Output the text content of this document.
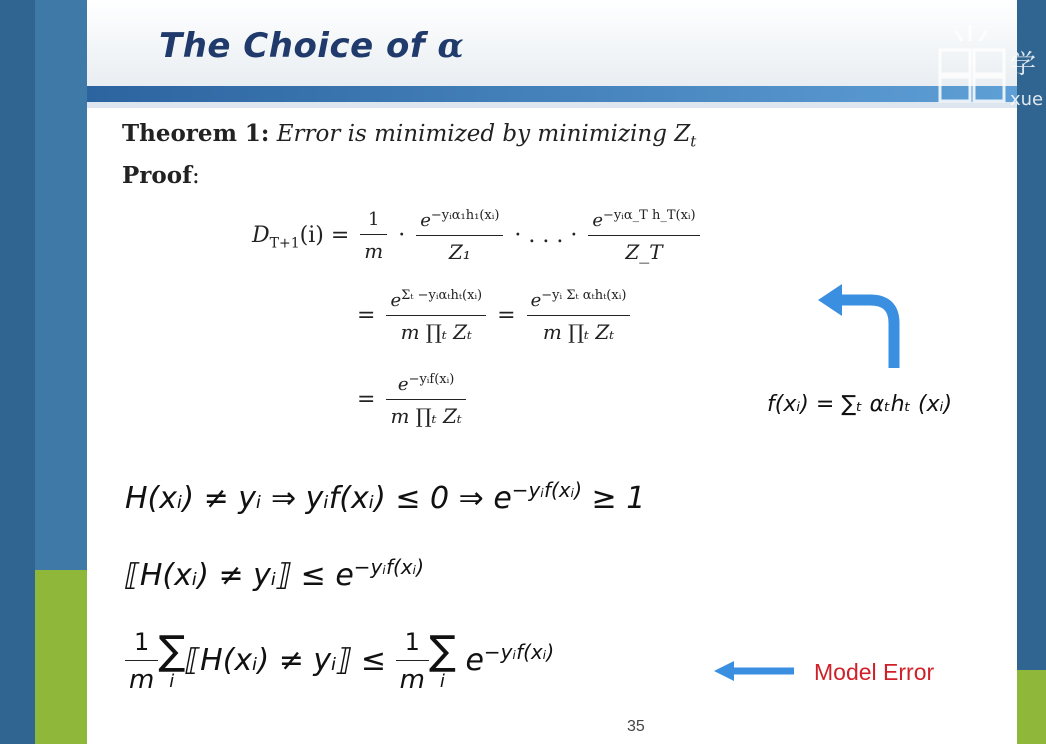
The Choice of α
Theorem 1: Error is minimized by minimizing $Z_t$
Proof:
$D_{T+1}(i) = \frac{1}{m} \cdot \frac{e^{-yᵢ\alpha_1h_1(xᵢ)}}{\text{Z₁}}$ · . . . · $\frac{e^{-yᵢ\alpha\_T h\_T(xᵢ)}}{Z\_T}$
= $\frac{e^{\Sigma_t -yᵢ\alpha_th_t(xᵢ)}}{\text{m ∏ₜ Zₜ}} = \frac{e^{-yᵢ \Sigma_t \alpha_th_t(xᵢ)}}{\text{m ∏ₜ Zₜ}}$
= $\frac{e^{-yᵢf(xᵢ)}}{\text{m ∏ₜ Zₜ}}$	f(xᵢ) = ∑ₜ αₜhₜ (xᵢ)
H(xᵢ) ≠ yᵢ ⇒ yᵢf(xᵢ) ≤ 0 ⇒ $e^{-yᵢf(xᵢ)} \ge 1$
⟦H(xᵢ) ≠ yᵢ⟧ ≤ $e^{-yᵢf(xᵢ)}$
$\frac{1}{m}$ ∑
i
⟦H(xᵢ) ≠ yᵢ⟧ ≤ $\frac{1}{m}$ ∑
i
$e^{-yᵢf(xᵢ)}$
Model Error
35
学
xue
